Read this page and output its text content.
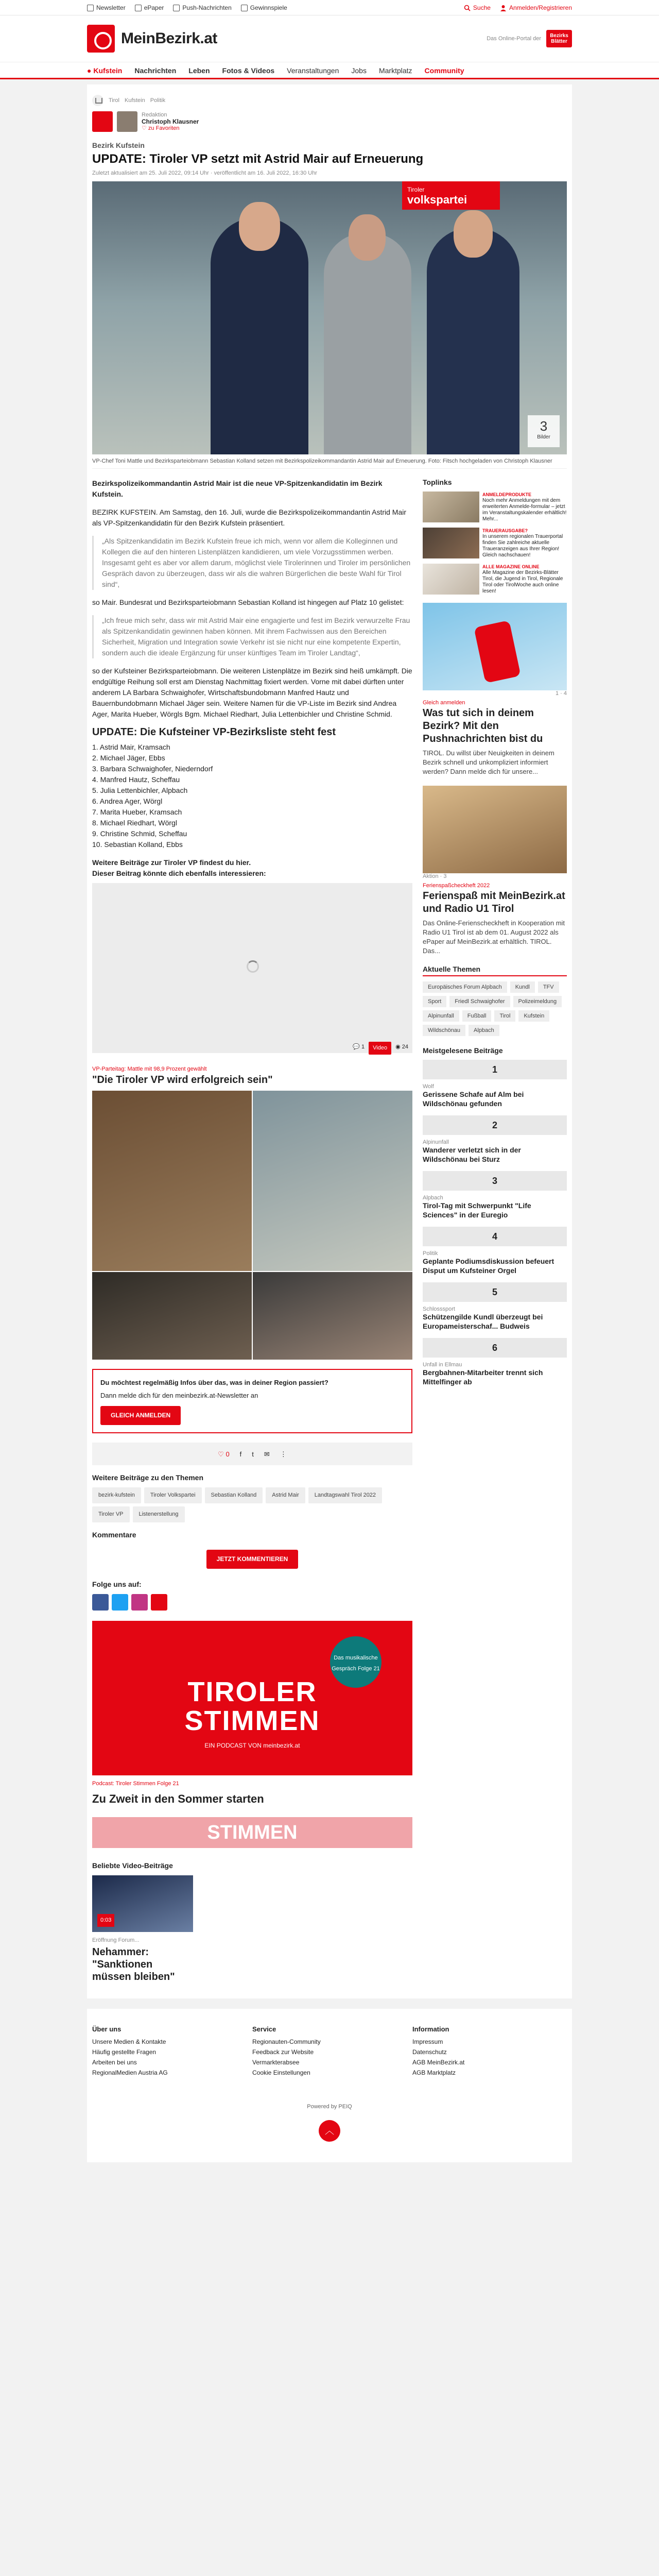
Newsletter	ePaper	Push-Nachrichten	Gewinnspiele	Suche	Anmelden/Registrieren
MeinBezirk.at	Das Online-Portal der	Bezirks Blätter
● Kufstein Nachrichten Leben Fotos & Videos Veranstaltungen Jobs Marktplatz Community
Tirol Kufstein Politik
Redaktion
Christoph Klausner
♡ zu Favoriten
Bezirk Kufstein
UPDATE: Tiroler VP setzt mit Astrid Mair auf Erneuerung
Zuletzt aktualisiert am 25. Juli 2022, 09:14 Uhr · veröffentlicht am 16. Juli 2022, 16:30 Uhr
Tiroler
volkspartei
3
Bilder
VP-Chef Toni Mattle und Bezirksparteiobmann Sebastian Kolland setzen mit Bezirkspolizeikommandantin Astrid Mair auf Erneuerung. Foto: Fitsch hochgeladen von Christoph Klausner

Bezirkspolizeikommandantin Astrid Mair ist die neue VP-Spitzenkandidatin im Bezirk Kufstein.

BEZIRK KUFSTEIN. Am Samstag, den 16. Juli, wurde die Bezirkspolizeikommandantin Astrid Mair als VP-Spitzenkandidatin für den Bezirk Kufstein präsentiert.

„Als Spitzenkandidatin im Bezirk Kufstein freue ich mich, wenn vor allem die Kolleginnen und Kollegen die auf den hinteren Listenplätzen kandidieren, um viele Vorzugsstimmen werben. Insgesamt geht es aber vor allem darum, möglichst viele Tirolerinnen und Tiroler im persönlichen Gespräch davon zu überzeugen, dass wir als die wahren Bürgerlichen die beste Wahl für Tirol sind“,

so Mair. Bundesrat und Bezirksparteiobmann Sebastian Kolland ist hingegen auf Platz 10 gelistet:

„Ich freue mich sehr, dass wir mit Astrid Mair eine engagierte und fest im Bezirk verwurzelte Frau als Spitzenkandidatin gewinnen haben können. Mit ihrem Fachwissen aus den Bereichen Sicherheit, Migration und Integration sowie Verkehr ist sie nicht nur eine kompetente Expertin, sondern auch die ideale Ergänzung für unser künftiges Team im Tiroler Landtag“,

so der Kufsteiner Bezirksparteiobmann. Die weiteren Listenplätze im Bezirk sind heiß umkämpft. Die endgültige Reihung soll erst am Dienstag Nachmittag fixiert werden. Vorne mit dabei dürften unter anderem LA Barbara Schwaighofer, Wirtschaftsbundobmann Manfred Hautz und Bauernbundobmann Michael Jäger sein. Weitere Namen für die VP-Liste im Bezirk sind Andrea Ager, Marita Hueber, Wörgls Bgm. Michael Riedhart, Julia Lettenbichler und Christine Schmid.

UPDATE: Die Kufsteiner VP-Bezirksliste steht fest

1. Astrid Mair, Kramsach
2. Michael Jäger, Ebbs
3. Barbara Schwaighofer, Niederndorf
4. Manfred Hautz, Scheffau
5. Julia Lettenbichler, Alpbach
6. Andrea Ager, Wörgl
7. Marita Hueber, Kramsach
8. Michael Riedhart, Wörgl
9. Christine Schmid, Scheffau
10. Sebastian Kolland, Ebbs

Weitere Beiträge zur Tiroler VP findest du hier.
Dieser Beitrag könnte dich ebenfalls interessieren:

💬 1	Video	◉ 24
VP-Parteitag: Mattle mit 98,9 Prozent gewählt
"Die Tiroler VP wird erfolgreich sein"
Du möchtest regelmäßig Infos über das, was in deiner Region passiert?
Dann melde dich für den meinbezirk.at-Newsletter an
GLEICH ANMELDEN
♡ 0 f t ✉ ⋮
Weitere Beiträge zu den Themen
bezirk-kufstein	Tiroler Volkspartei	Sebastian Kolland	Astrid Mair	Landtagswahl Tirol 2022
Tiroler VP	Listenerstellung
Kommentare
JETZT KOMMENTIEREN
Folge uns auf:
Das musikalische Gespräch Folge 21
TIROLER
STIMMEN
EIN PODCAST VON meinbezirk.at
Podcast: Tiroler Stimmen Folge 21
Zu Zweit in den Sommer starten
STIMMEN
Beliebte Video-Beiträge
0:03
Eröffnung Forum...
Nehammer: "Sanktionen müssen bleiben"
Toplinks
ANMELDEPRODUKTE
Noch mehr Anmeldungen mit dem erweiterten Anmelde-formular – jetzt im Veranstaltungskalender erhältlich! Mehr...
TRAUERAUSGABE?
In unserem regionalen Trauerportal finden Sie zahlreiche aktuelle Traueranzeigen aus Ihrer Region! Gleich nachschauen!
ALLE MAGAZINE ONLINE
Alle Magazine der Bezirks-Blätter Tirol, die Jugend in Tirol, Regionale Tirol oder TirolWoche auch online lesen!
1 · 4
Gleich anmelden
Was tut sich in deinem Bezirk? Mit den Pushnachrichten bist du
TIROL. Du willst über Neuigkeiten in deinem Bezirk schnell und unkompliziert informiert werden? Dann melde dich für unsere...
Aktion · 3
Ferienspaßcheckheft 2022
Ferienspaß mit MeinBezirk.at und Radio U1 Tirol
Das Online-Ferienscheckheft in Kooperation mit Radio U1 Tirol ist ab dem 01. August 2022 als ePaper auf MeinBezirk.at erhältlich. TIROL. Das...
Aktuelle Themen
Europäisches Forum Alpbach	Kundl	TFV
Sport	Friedl Schwaighofer	Polizeimeldung
Alpinunfall	Fußball	Tirol	Kufstein
Wildschönau	Alpbach
Meistgelesene Beiträge
1
Wolf
Gerissene Schafe auf Alm bei Wildschönau gefunden
2
Alpinunfall
Wanderer verletzt sich in der Wildschönau bei Sturz
3
Alpbach
Tirol-Tag mit Schwerpunkt "Life Sciences" in der Euregio
4
Politik
Geplante Podiumsdiskussion befeuert Disput um Kufsteiner Orgel
5
Schlosssport
Schützengilde Kundl überzeugt bei Europameisterschaf... Budweis
6
Unfall in Ellmau
Bergbahnen-Mitarbeiter trennt sich Mittelfinger ab
Über uns
Unsere Medien & Kontakte
Häufig gestellte Fragen
Arbeiten bei uns
RegionalMedien Austria AG
Service
Regionauten-Community
Feedback zur Website
Vermarkterabsee
Cookie Einstellungen
Information
Impressum
Datenschutz
AGB MeinBezirk.at
AGB Marktplatz
Powered by PEIQ
︿
